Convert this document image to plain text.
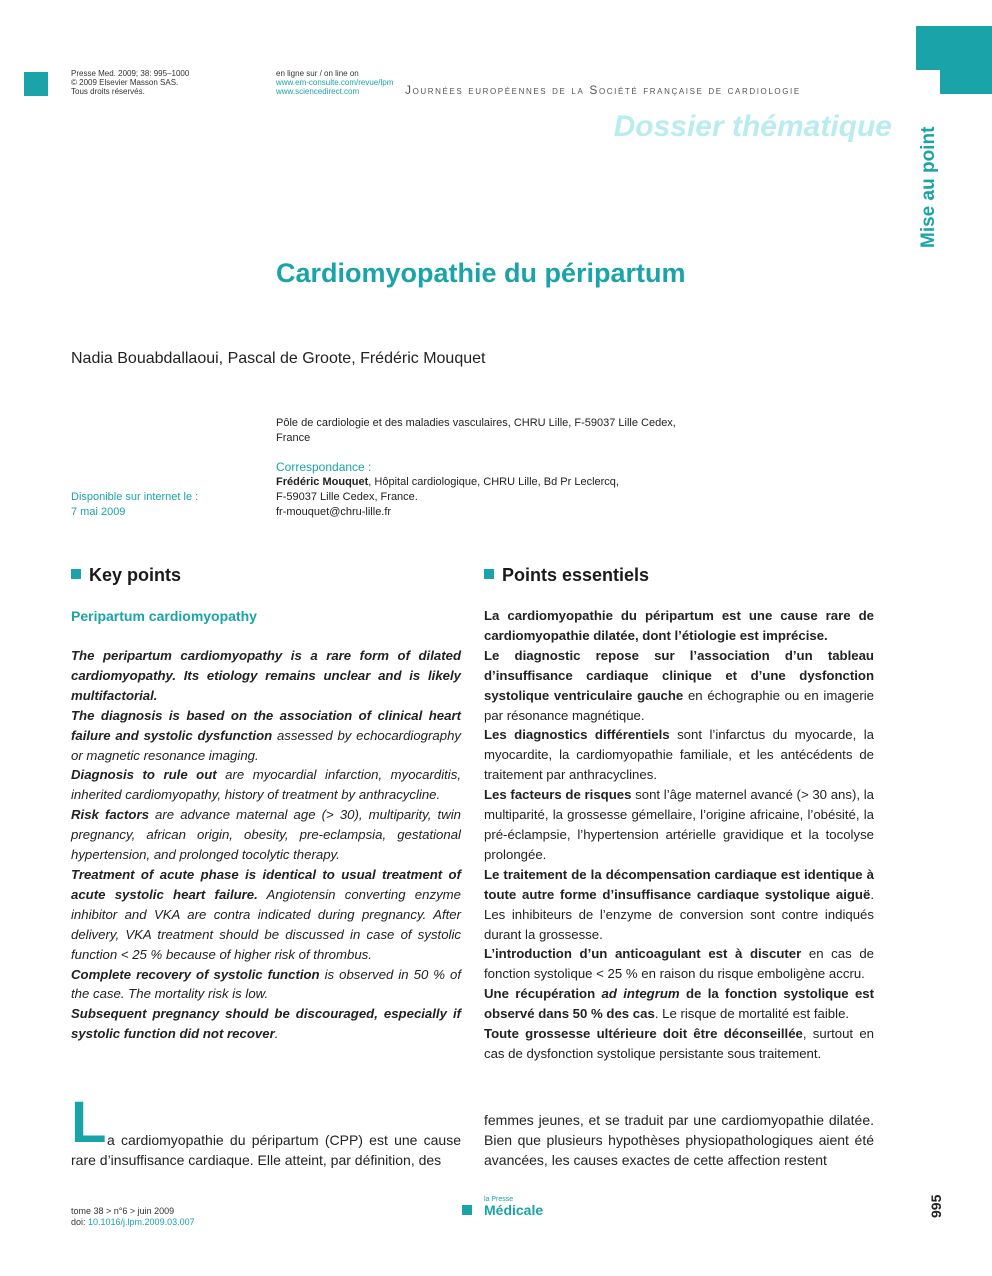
Presse Med. 2009; 38: 995–1000
© 2009 Elsevier Masson SAS.
Tous droits réservés.
en ligne sur / on line on
www.em-consulte.com/revue/lpm
www.sciencedirect.com	Journées européennes de la Société française de cardiologie
Dossier thématique
Mise au point
Cardiomyopathie du péripartum
Nadia Bouabdallaoui, Pascal de Groote, Frédéric Mouquet
Pôle de cardiologie et des maladies vasculaires, CHRU Lille, F-59037 Lille Cedex,
France
Correspondance :
Frédéric Mouquet, Hôpital cardiologique, CHRU Lille, Bd Pr Leclercq,
F-59037 Lille Cedex, France.
fr-mouquet@chru-lille.fr
Disponible sur internet le :
7 mai 2009
Key points	Points essentiels
Peripartum cardiomyopathy

The peripartum cardiomyopathy is a rare form of dilated cardiomyopathy. Its etiology remains unclear and is likely multifactorial.

The diagnosis is based on the association of clinical heart failure and systolic dysfunction assessed by echocardiography or magnetic resonance imaging.

Diagnosis to rule out are myocardial infarction, myocarditis, inherited cardiomyopathy, history of treatment by anthracycline.

Risk factors are advance maternal age (> 30), multiparity, twin pregnancy, african origin, obesity, pre-eclampsia, gestational hypertension, and prolonged tocolytic therapy.

Treatment of acute phase is identical to usual treatment of acute systolic heart failure. Angiotensin converting enzyme inhibitor and VKA are contra indicated during pregnancy. After delivery, VKA treatment should be discussed in case of systolic function < 25 % because of higher risk of thrombus.

Complete recovery of systolic function is observed in 50 % of the case. The mortality risk is low.

Subsequent pregnancy should be discouraged, especially if systolic function did not recover.

La cardiomyopathie du péripartum est une cause rare de cardiomyopathie dilatée, dont l’étiologie est imprécise.

Le diagnostic repose sur l’association d’un tableau d’insuffisance cardiaque clinique et d’une dysfonction systolique ventriculaire gauche en échographie ou en imagerie par résonance magnétique.

Les diagnostics différentiels sont l’infarctus du myocarde, la myocardite, la cardiomyopathie familiale, et les antécédents de traitement par anthracyclines.

Les facteurs de risques sont l’âge maternel avancé (> 30 ans), la multiparité, la grossesse gémellaire, l’origine africaine, l’obésité, la pré-éclampsie, l’hypertension artérielle gravidique et la tocolyse prolongée.

Le traitement de la décompensation cardiaque est identique à toute autre forme d’insuffisance cardiaque systolique aiguë. Les inhibiteurs de l’enzyme de conversion sont contre indiqués durant la grossesse.

L’introduction d’un anticoagulant est à discuter en cas de fonction systolique < 25 % en raison du risque emboligène accru.

Une récupération ad integrum de la fonction systolique est observé dans 50 % des cas. Le risque de mortalité est faible.

Toute grossesse ultérieure doit être déconseillée, surtout en cas de dysfonction systolique persistante sous traitement.

L a cardiomyopathie du péripartum (CPP) est une cause rare d’insuffisance cardiaque. Elle atteint, par définition, des
femmes jeunes, et se traduit par une cardiomyopathie dilatée. Bien que plusieurs hypothèses physiopathologiques aient été avancées, les causes exactes de cette affection restent
tome 38 > n°6 > juin 2009
doi: 10.1016/j.lpm.2009.03.007
la Presse
Médicale	995
